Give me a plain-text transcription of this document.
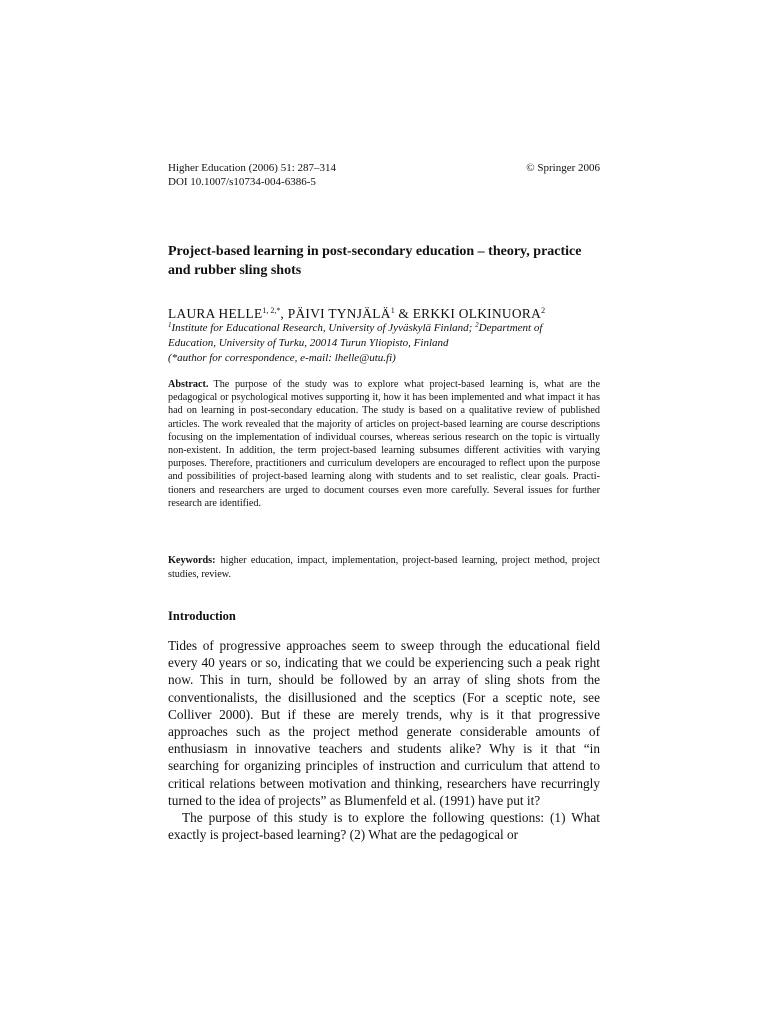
Higher Education (2006) 51: 287–314	© Springer 2006
DOI 10.1007/s10734-004-6386-5
Project-based learning in post-secondary education – theory, practice and rubber sling shots
LAURA $HELLE^{1, 2,*}$, PÄIVI TYNJÄLÄ$^1$ & ERKKI OLKINUORA$^2$
$^1$Institute for Educational Research, University of Jyväskylä Finland; $^2$Department of
Education, University of Turku, 20014 Turun Yliopisto, Finland
(*author for correspondence, e-mail: lhelle@utu.fi)
Abstract. The purpose of the study was to explore what project-based learning is, what are the pedagogical or psychological motives supporting it, how it has been implemented and what impact it has had on learning in post-secondary education. The study is based on a qualitative review of published articles. The work revealed that the majority of articles on project-based learning are course descriptions focusing on the implementation of individual courses, whereas serious research on the topic is virtually non-existent. In addition, the term project-based learning subsumes different activities with varying purposes. Therefore, practitioners and curriculum developers are encouraged to reflect upon the purpose and possibilities of project-based learning along with students and to set realistic, clear goals. Practitioners and researchers are urged to document courses even more carefully. Several issues for further research are identified.
Keywords: higher education, impact, implementation, project-based learning, project method, project studies, review.
Introduction

Tides of progressive approaches seem to sweep through the educational field every 40 years or so, indicating that we could be experiencing such a peak right now. This in turn, should be followed by an array of sling shots from the conventionalists, the disillusioned and the sceptics (For a sceptic note, see Colliver 2000). But if these are merely trends, why is it that progressive approaches such as the project method generate considerable amounts of enthusiasm in innovative teachers and students alike? Why is it that “in searching for organizing principles of instruction and curriculum that attend to critical relations between motivation and thinking, researchers have recurringly turned to the idea of projects” as Blumenfeld et al. (1991) have put it?

The purpose of this study is to explore the following questions: (1) What exactly is project-based learning? (2) What are the pedagogical or
